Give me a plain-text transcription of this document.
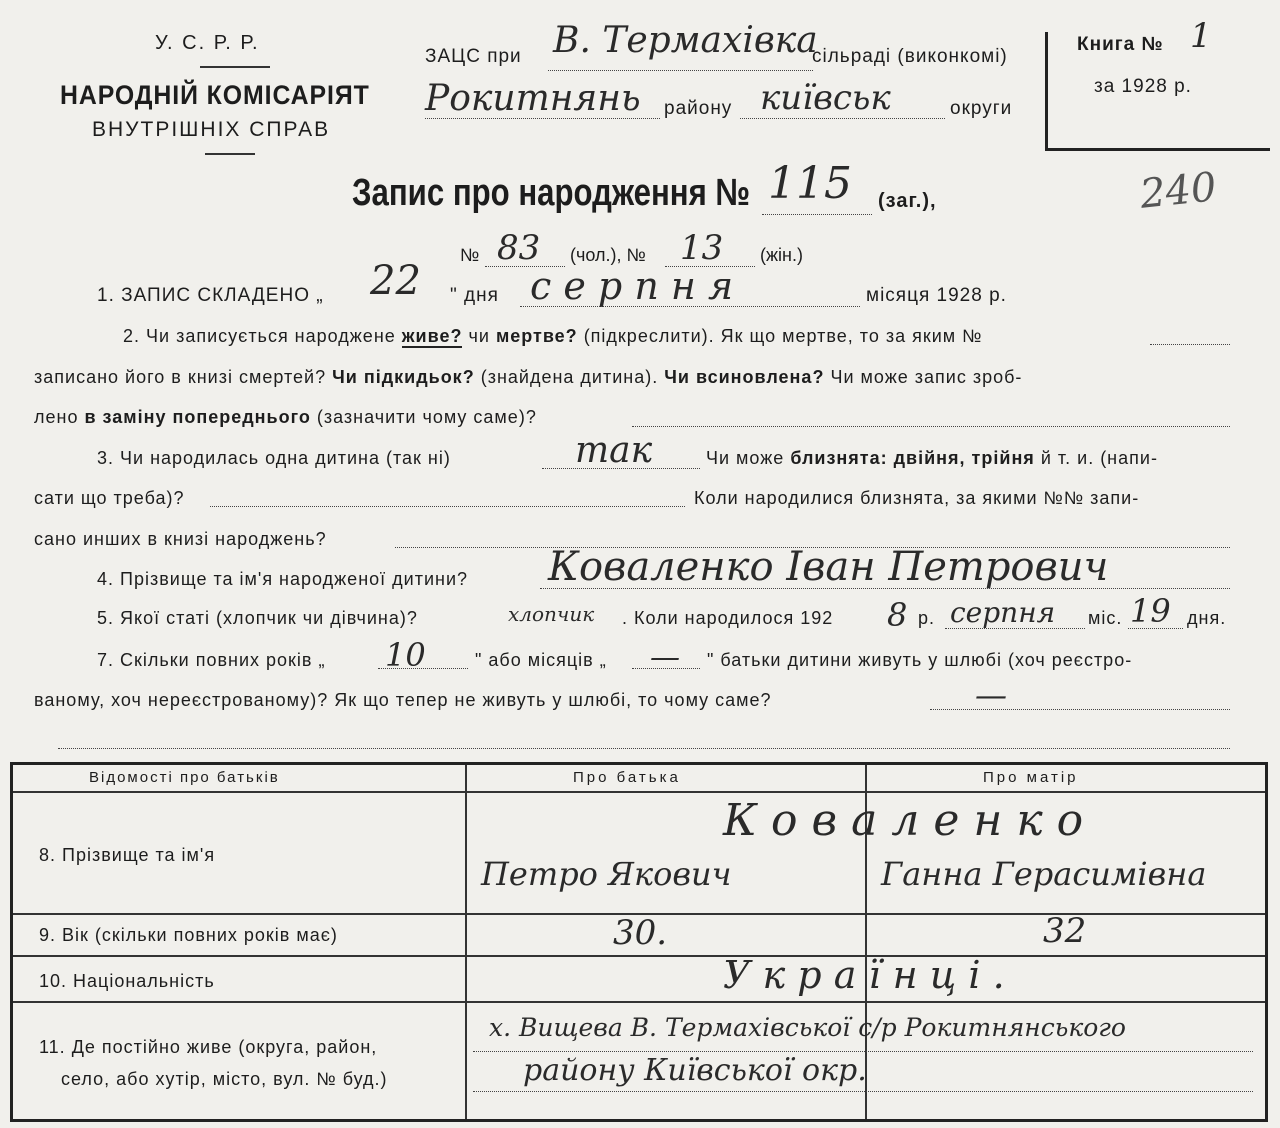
У. С. Р. Р.
НАРОДНІЙ КОМІСАРІЯТ
ВНУТРІШНІХ СПРАВ
ЗАЦС при В. Термахівка
сільраді (виконкомі)
Рокитнянь району київськ	округи
Книга № 1
за 1928 р.
Запис про народження № 115 (заг.),	240
№ 83 (чол.), № 13 (жін.)
1. ЗАПИС СКЛАДЕНО „ 22 " дня с е р п н я	місяця 1928 р.
2. Чи записується народжене живе? чи мертве? (підкреслити). Як що мертве, то за яким №
записано його в книзі смертей? Чи підкидьок? (знайдена дитина). Чи всиновлена? Чи може запис зроб-
лено в заміну попереднього (зазначити чому саме)?
3. Чи народилась одна дитина (так ні)	так	Чи може близнята: двійня, трійня й т. и. (напи-
сати що треба)?	Коли народилися близнята, за якими №№ запи-
сано инших в книзі народжень?
4. Прізвище та ім'я народженої дитини? Коваленко Іван Петрович
5. Якої статі (хлопчик чи дівчина)?	хлопчик . Коли народилося 192 8 р. серпня міс. 19 дня.
7. Скільки повних років „ 10	" або місяців „ — " батьки дитини живуть у шлюбі (хоч реєстро-
ваному, хоч нереєстрованому)? Як що тепер не живуть у шлюбі, то чому саме?	—
Відомості про батьків	Про батька	Про матір
8. Прізвище та ім'я
К о в а л е н к о
Петро Якович	Ганна Герасимівна
9. Вік (скільки повних років має)	30.	32
10. Національність	У к р а ї н ц і .
11. Де постійно живе (округа, район,
село, або хутір, місто, вул. № буд.)
х. Вищева В. Термахівської с/р Рокитнянського
району Київської окр.
